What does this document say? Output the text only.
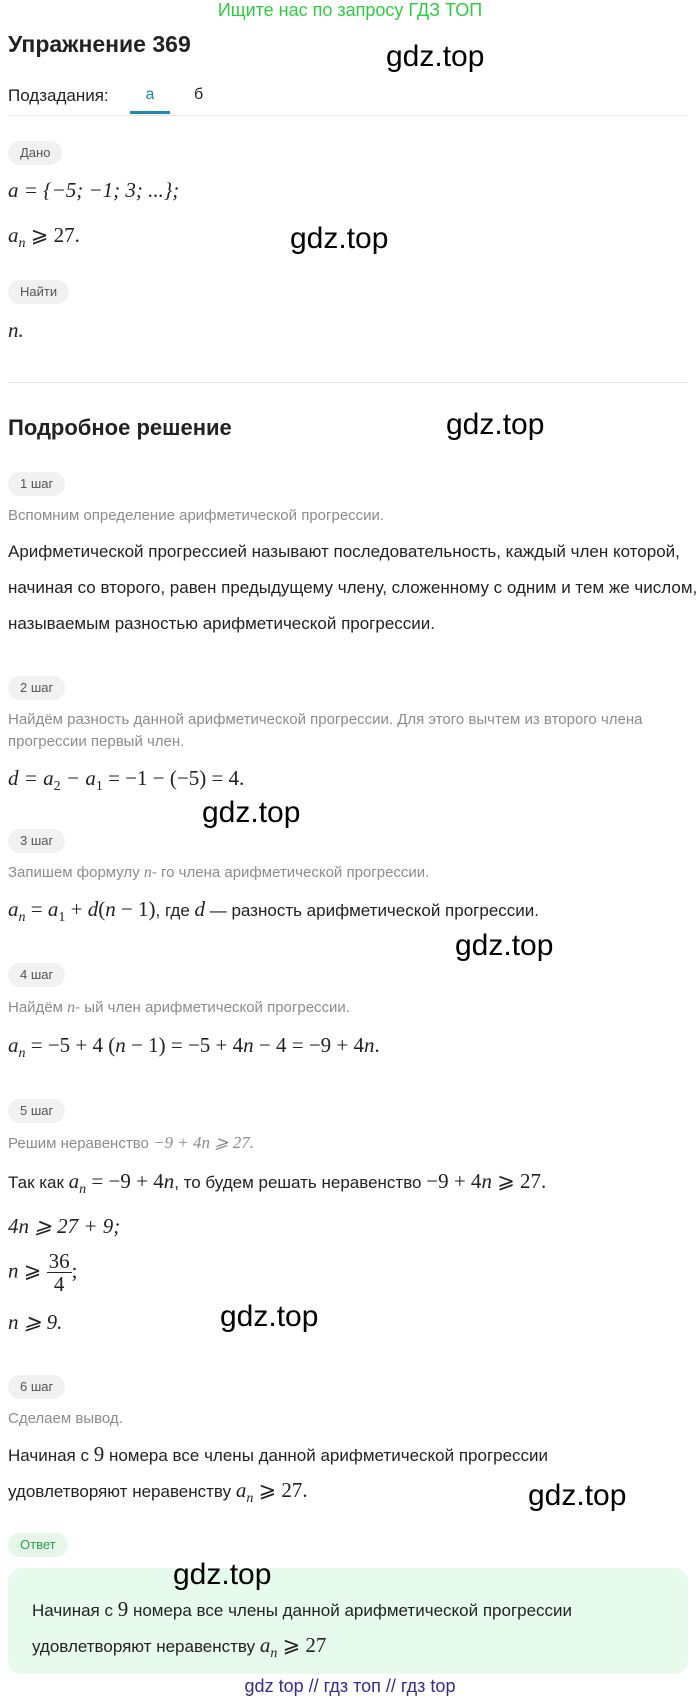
Ищите нас по запросу ГДЗ ТОП
Упражнение 369	gdz.top
Подзадания:	а	б
Дано
a = {−5; −1; 3; ...};
$a_n$ ⩾ 27.	gdz.top
Найти
n.
Подробное решение	gdz.top
1 шаг
Вспомним определение арифметической прогрессии.
Арифметической прогрессией называют последовательность, каждый член которой, начиная со второго, равен предыдущему члену, сложенному с одним и тем же числом, называемым разностью арифметической прогрессии.
2 шаг
Найдём разность данной арифметической прогрессии. Для этого вычтем из второго члена прогрессии первый член.
$d = a_2 - a_1 = -1 - (-5) = 4$.
gdz.top
3 шаг
Запишем формулу n- го члена арифметической прогрессии.
$a_n = a_1 + d(n - 1)$, где d — разность арифметической прогрессии.
gdz.top
4 шаг
Найдём n- ый член арифметической прогрессии.
$a_n = -5 + 4$ (n − 1) = −5 + 4n − 4 = −9 + 4n.
5 шаг
Решим неравенство −9 + 4n ⩾ 27.
Так как $a_n = -9 + 4n$, то будем решать неравенство −9 + 4n ⩾ 27.
4n ⩾ 27 + 9;
n ⩾ $\frac{36}{4}$ ;
n ⩾ 9.	gdz.top
6 шаг
Сделаем вывод.
Начиная с 9 номера все члены данной арифметической прогрессии
удовлетворяют неравенству $a_n$ ⩾ 27.	gdz.top
Ответ
gdz.top
Начиная с 9 номера все члены данной арифметической прогрессии
удовлетворяют неравенству $a_n$ ⩾ 27
gdz top // гдз топ // гдз top
